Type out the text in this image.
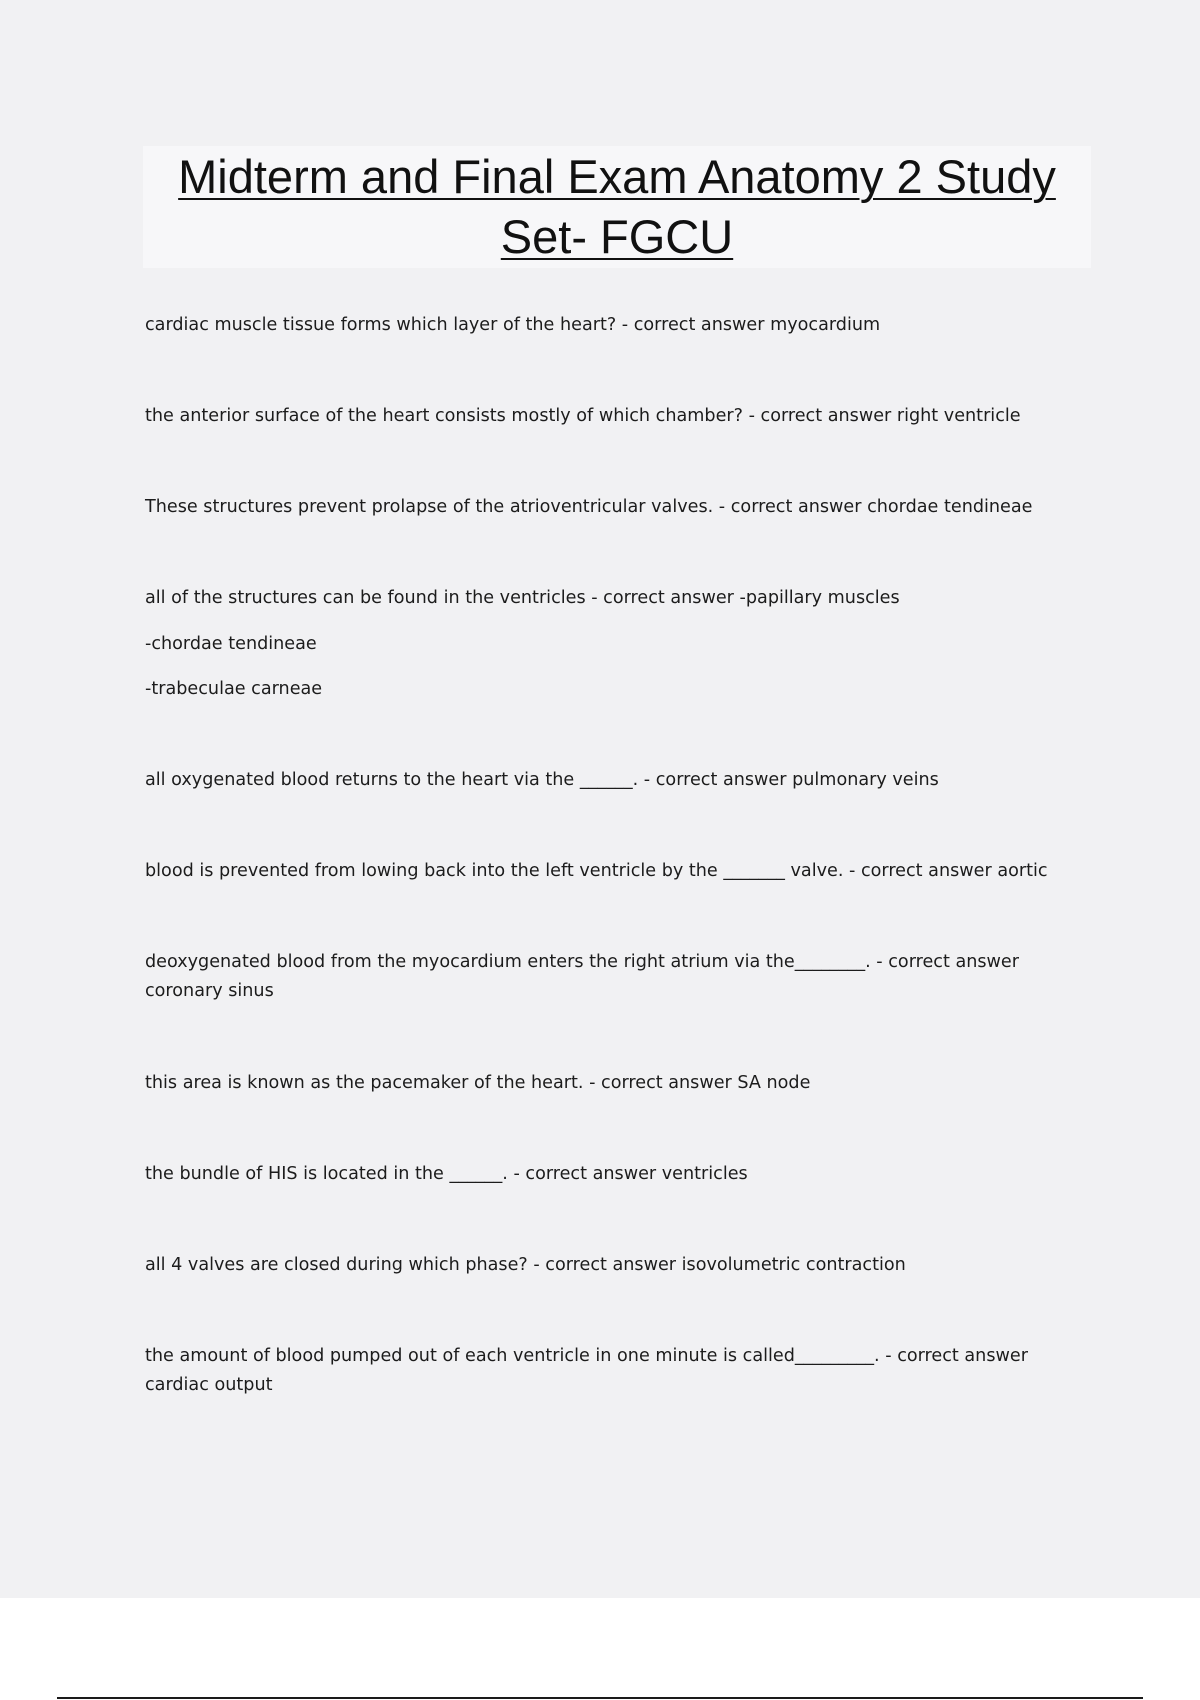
Midterm and Final Exam Anatomy 2 Study Set- FGCU

cardiac muscle tissue forms which layer of the heart? - correct answer myocardium

the anterior surface of the heart consists mostly of which chamber? - correct answer right ventricle

These structures prevent prolapse of the atrioventricular valves. - correct answer chordae tendineae

all of the structures can be found in the ventricles - correct answer -papillary muscles

-chordae tendineae

-trabeculae carneae

all oxygenated blood returns to the heart via the ______. - correct answer pulmonary veins

blood is prevented from lowing back into the left ventricle by the _______ valve. - correct answer aortic

deoxygenated blood from the myocardium enters the right atrium via the________. - correct answer coronary sinus

this area is known as the pacemaker of the heart. - correct answer SA node

the bundle of HIS is located in the ______. - correct answer ventricles

all 4 valves are closed during which phase? - correct answer isovolumetric contraction

the amount of blood pumped out of each ventricle in one minute is called_________. - correct answer cardiac output
